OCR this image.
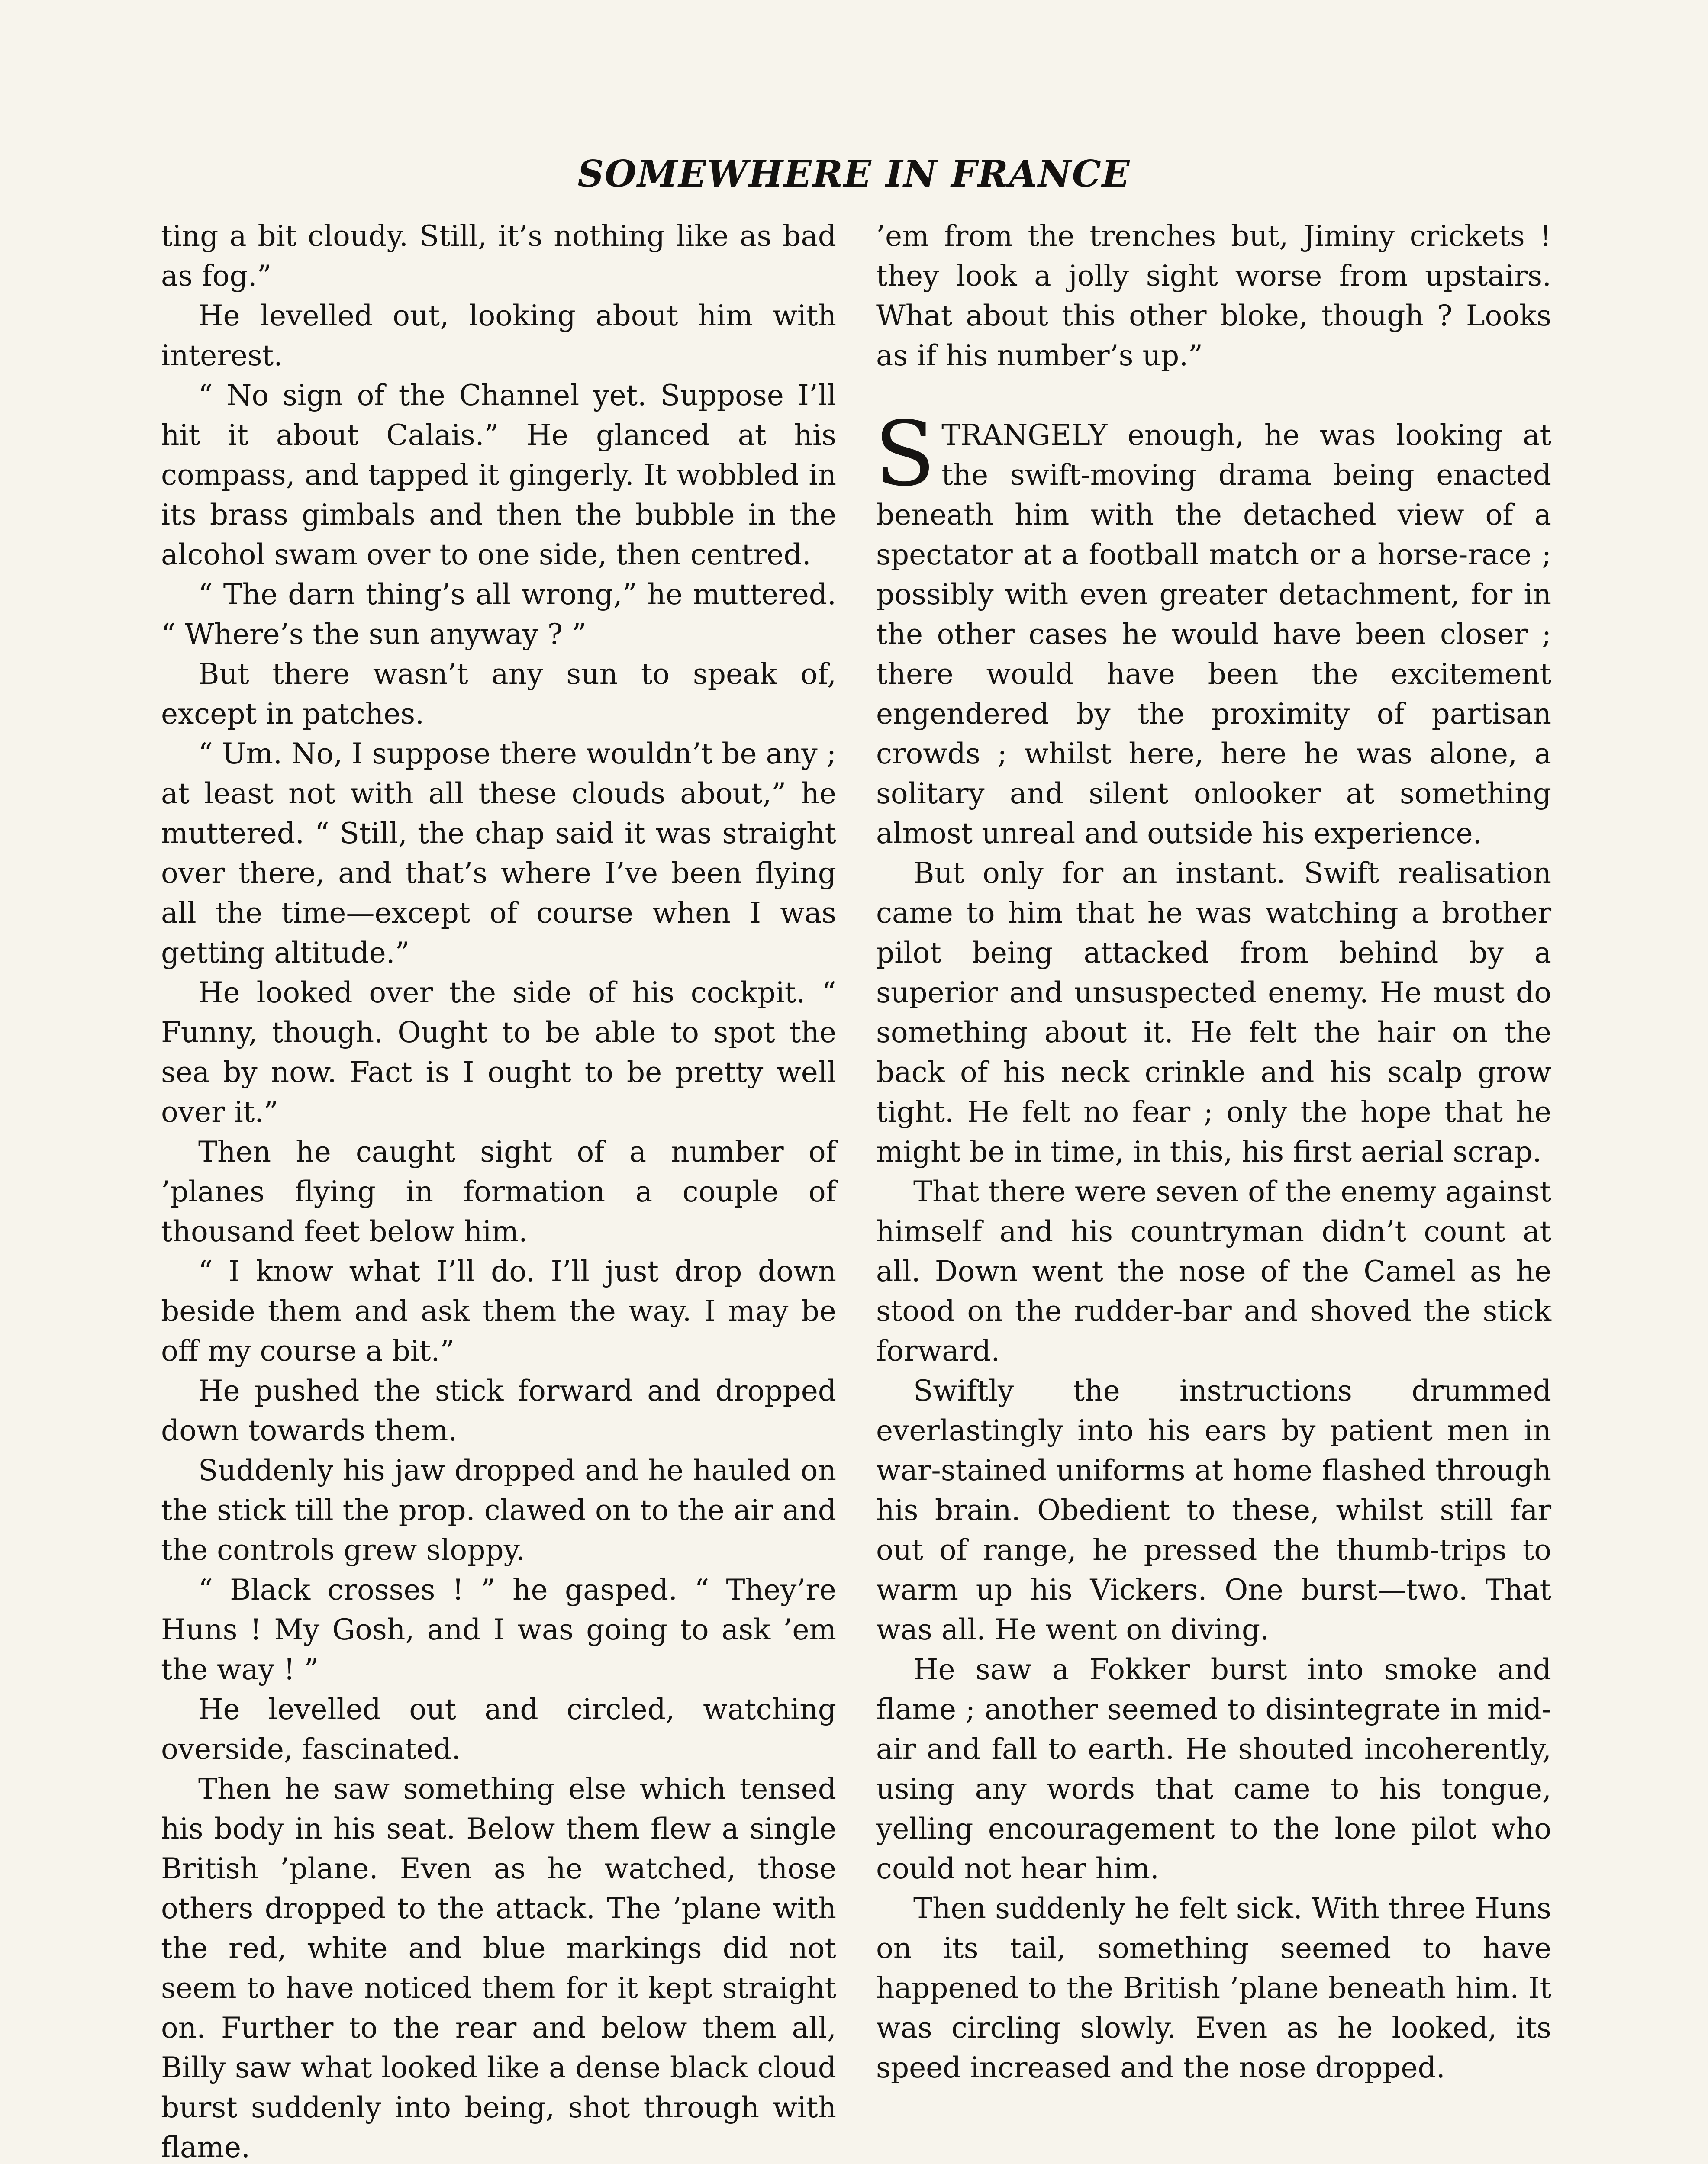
SOMEWHERE IN FRANCE

ting a bit cloudy. Still, it’s nothing like as bad as fog.”

He levelled out, looking about him with interest.

“ No sign of the Channel yet. Suppose I’ll hit it about Calais.” He glanced at his compass, and tapped it gingerly. It wobbled in its brass gimbals and then the bubble in the alcohol swam over to one side, then centred.

“ The darn thing’s all wrong,” he muttered. “ Where’s the sun anyway ? ”

But there wasn’t any sun to speak of, except in patches.

“ Um. No, I suppose there wouldn’t be any ; at least not with all these clouds about,” he muttered. “ Still, the chap said it was straight over there, and that’s where I’ve been flying all the time—except of course when I was getting altitude.”

He looked over the side of his cockpit. “ Funny, though. Ought to be able to spot the sea by now. Fact is I ought to be pretty well over it.”

Then he caught sight of a number of ’planes flying in formation a couple of thousand feet below him.

“ I know what I’ll do. I’ll just drop down beside them and ask them the way. I may be off my course a bit.”

He pushed the stick forward and dropped down towards them.

Suddenly his jaw dropped and he hauled on the stick till the prop. clawed on to the air and the controls grew sloppy.

“ Black crosses ! ” he gasped. “ They’re Huns ! My Gosh, and I was going to ask ’em the way ! ”

He levelled out and circled, watching overside, fascinated.

Then he saw something else which tensed his body in his seat. Below them flew a single British ’plane. Even as he watched, those others dropped to the attack. The ’plane with the red, white and blue markings did not seem to have noticed them for it kept straight on. Further to the rear and below them all, Billy saw what looked like a dense black cloud burst suddenly into being, shot through with flame.

’em from the trenches but, Jiminy crickets ! they look a jolly sight worse from upstairs. What about this other bloke, though ? Looks as if his number’s up.”

STRANGELY enough, he was looking at the swift-moving drama being enacted beneath him with the detached view of a spectator at a football match or a horse-race ; possibly with even greater detachment, for in the other cases he would have been closer ; there would have been the excitement engendered by the proximity of partisan crowds ; whilst here, here he was alone, a solitary and silent onlooker at something almost unreal and outside his experience.

But only for an instant. Swift realisation came to him that he was watching a brother pilot being attacked from behind by a superior and unsuspected enemy. He must do something about it. He felt the hair on the back of his neck crinkle and his scalp grow tight. He felt no fear ; only the hope that he might be in time, in this, his first aerial scrap.

That there were seven of the enemy against himself and his countryman didn’t count at all. Down went the nose of the Camel as he stood on the rudder-bar and shoved the stick forward.

Swiftly the instructions drummed everlastingly into his ears by patient men in war-stained uniforms at home flashed through his brain. Obedient to these, whilst still far out of range, he pressed the thumb-trips to warm up his Vickers. One burst—two. That was all. He went on diving.

He saw a Fokker burst into smoke and flame ; another seemed to disintegrate in mid-air and fall to earth. He shouted incoherently, using any words that came to his tongue, yelling encouragement to the lone pilot who could not hear him.

Then suddenly he felt sick. With three Huns on its tail, something seemed to have happened to the British ’plane beneath him. It was circling slowly. Even as he looked, its speed increased and the nose dropped.
